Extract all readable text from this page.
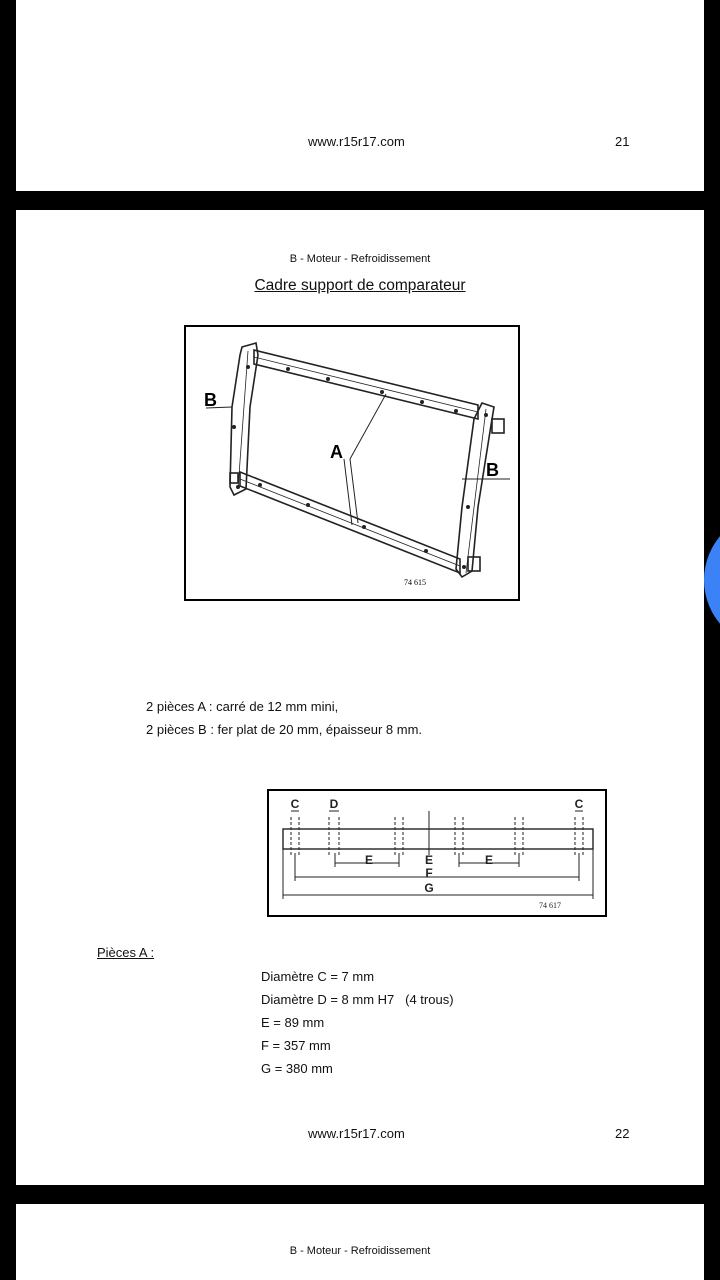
www.r15r17.com	21
B - Moteur - Refroidissement
Cadre support de comparateur
A
B
B
74 615
2 pièces A : carré de 12 mm mini,
2 pièces B : fer plat de 20 mm, épaisseur 8 mm.
C	D	C
E	E	E
F
G
74 617
Pièces A :
Diamètre C = 7 mm
Diamètre D = 8 mm H7   (4 trous)
E = 89 mm
F = 357 mm
G = 380 mm
www.r15r17.com	22
B - Moteur - Refroidissement
